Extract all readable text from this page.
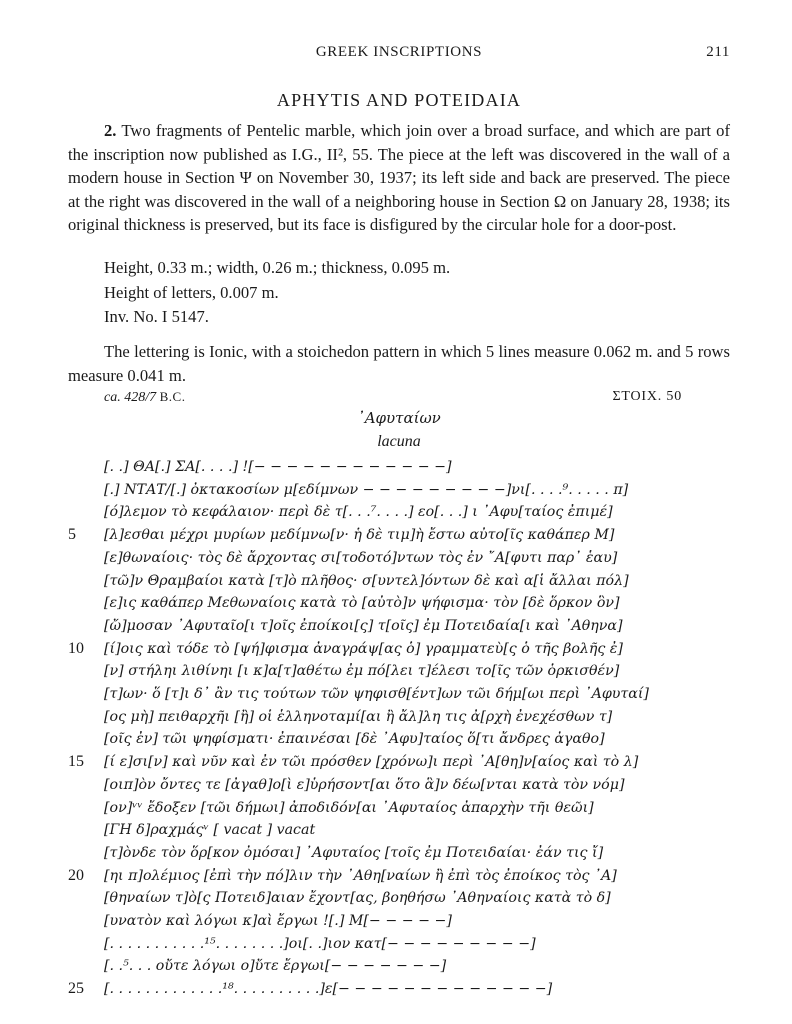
GREEK INSCRIPTIONS	211
APHYTIS AND POTEIDAIA
2. Two fragments of Pentelic marble, which join over a broad surface, and which are part of the inscription now published as I.G., II², 55. The piece at the left was discovered in the wall of a modern house in Section Ψ on November 30, 1937; its left side and back are preserved. The piece at the right was discovered in the wall of a neighboring house in Section Ω on January 28, 1938; its original thickness is preserved, but its face is disfigured by the circular hole for a door-post.
Height, 0.33 m.; width, 0.26 m.; thickness, 0.095 m.
Height of letters, 0.007 m.
Inv. No. I 5147.
The lettering is Ionic, with a stoichedon pattern in which 5 lines measure 0.062 m. and 5 rows measure 0.041 m.
ca. 428/7 B.C.	ΣΤΟΙΧ. 50
᾿Αφυταίων
lacuna
[. .] ΘΑ[.] ΣΑ[. . . .] ![− − − − − − − − − − − −]
[.] ΝΤΑΤ/[.] ὀκτακοσίων μ[εδίμνων − − − − − − − − −]νι[. . . .⁹. . . . . π]
[ό]λεμον τὸ κεφάλαιον· περὶ δὲ τ[. . .⁷. . . .] εο[. . .] ι ᾿Αφυ[ταίος ἐπιμέ]
5	[λ]εσθαι μέχρι μυρίων μεδίμνω[ν· ἡ δὲ τιμ]ὴ ἔστω αὐτο[ῖς καθάπερ Μ]
[ε]θωναίοις· τὸς δὲ ἄρχοντας σι[τοδοτό]ντων τὸς ἐν ῎Α[φυτι παρ᾿ ἑαυ]
[τῶ]ν Θραμβαίοι κατὰ [τ]ὸ πλῆθος· σ[υντελ]όντων δὲ καὶ α[ἱ ἄλλαι πόλ]
[ε]ις καθάπερ Μεθωναίοις κατὰ τὸ [αὐτὸ]ν ψήφισμα· τὸν [δὲ ὅρκον ὃν]
[ὤ]μοσαν ᾿Αφυταῖο[ι τ]οῖς ἐποίκοι[ς] τ[οῖς] ἐμ Ποτειδαία[ι καὶ ᾿Αθηνα]
10	[ί]οις καὶ τόδε τὸ [ψή]φισμα ἀναγράψ[ας ὁ] γραμματεὺ[ς ὁ τῆς βολῆς ἐ]
[ν] στήληι λιθίνηι [ι κ]α[τ]αθέτω ἐμ πό[λει τ]έλεσι το[ῖς τῶν ὁρκισθέν]
[τ]ων· ὅ [τ]ι δ᾿ ἂν τις τούτων τῶν ψηφισθ[έντ]ων τῶι δήμ[ωι περὶ ᾿Αφυταί]
[ος μὴ] πειθαρχῆι [ἢ] οἱ ἑλληνοταμί[αι ἢ ἄλ]λη τις ἀ[ρχὴ ἐνεχέσθων τ]
[οῖς ἐν] τῶι ψηφίσματι· ἐπαινέσαι [δὲ ᾿Αφυ]ταίος ὅ[τι ἄνδρες ἀγαθο]
15	[ί ε]σι[ν] καὶ νῦν καὶ ἐν τῶι πρόσθεν [χρόνω]ι περὶ ᾿Α[θη]ν[αίος καὶ τὸ λ]
[οιπ]ὸν ὄντες τε [ἀγαθ]ο[ὶ ε]ὑρήσοντ[αι ὅτο ἃ]ν δέω[νται κατὰ τὸν νόμ]
[ον]ᵛᵛ ἔδοξεν [τῶι δήμωι] ἀποδιδόν[αι ᾿Αφυταίος ἀπαρχὴν τῆι θεῶι]
[ΓΗ δ]ραχμάςᵛ [ vacat ] vacat
[τ]ὸνδε τὸν ὅρ[κον ὀμόσαι] ᾿Αφυταίος [τοῖς ἐμ Ποτειδαίαι· ἐάν τις ἴ]
20	[ηι π]ολέμιος [ἐπὶ τὴν πό]λιν τὴν ᾿Αθη[ναίων ἢ ἐπὶ τὸς ἐποίκος τὸς ᾿Α]
[θηναίων τ]ὸ[ς Ποτειδ]αιαν ἔχοντ[ας, βοηθήσω ᾿Αθηναίοις κατὰ τὸ δ]
[υνατὸν καὶ λόγωι κ]αὶ ἔργωι ![.] Μ[− − − − −]
[. . . . . . . . . . .¹⁵. . . . . . . .]οι[. .]ιον κατ[− − − − − − − − −]
[. .⁵. . . οὔτε λόγωι ο]ὔτε ἔργωι[− − − − − − −]
25	[. . . . . . . . . . . . .¹⁸. . . . . . . . . .]ε[− − − − − − − − − − − − −]
